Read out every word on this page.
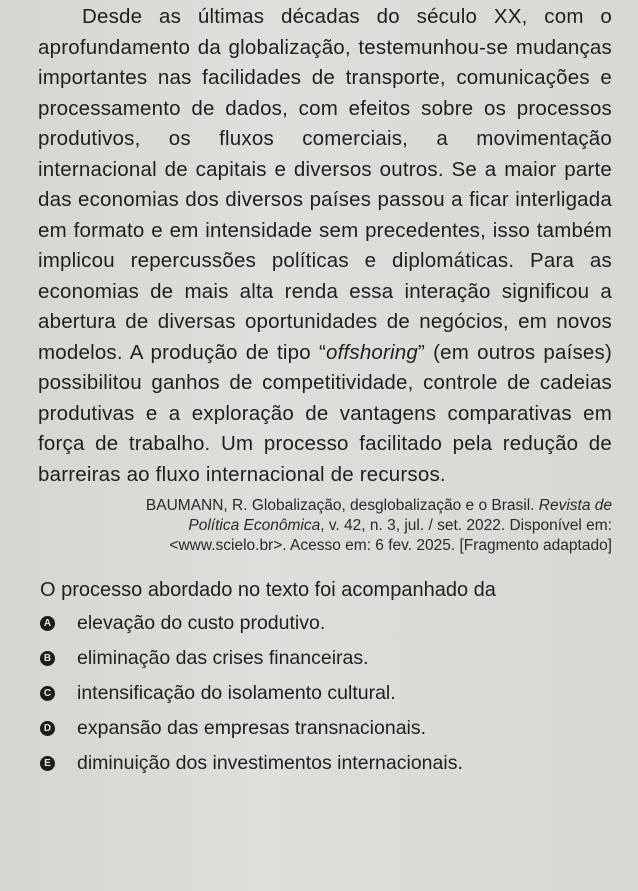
Desde as últimas décadas do século XX, com o aprofundamento da globalização, testemunhou-se mudanças importantes nas facilidades de transporte, comunicações e processamento de dados, com efeitos sobre os processos produtivos, os fluxos comerciais, a movimentação internacional de capitais e diversos outros. Se a maior parte das economias dos diversos países passou a ficar interligada em formato e em intensidade sem precedentes, isso também implicou repercussões políticas e diplomáticas. Para as economias de mais alta renda essa interação significou a abertura de diversas oportunidades de negócios, em novos modelos. A produção de tipo “offshoring” (em outros países) possibilitou ganhos de competitividade, controle de cadeias produtivas e a exploração de vantagens comparativas em força de trabalho. Um processo facilitado pela redução de barreiras ao fluxo internacional de recursos.

BAUMANN, R. Globalização, desglobalização e o Brasil. Revista de Política Econômica, v. 42, n. 3, jul. / set. 2022. Disponível em: <www.scielo.br>. Acesso em: 6 fev. 2025. [Fragmento adaptado]
O processo abordado no texto foi acompanhado da
A elevação do custo produtivo.
B eliminação das crises financeiras.
C intensificação do isolamento cultural.
D expansão das empresas transnacionais.
E diminuição dos investimentos internacionais.
